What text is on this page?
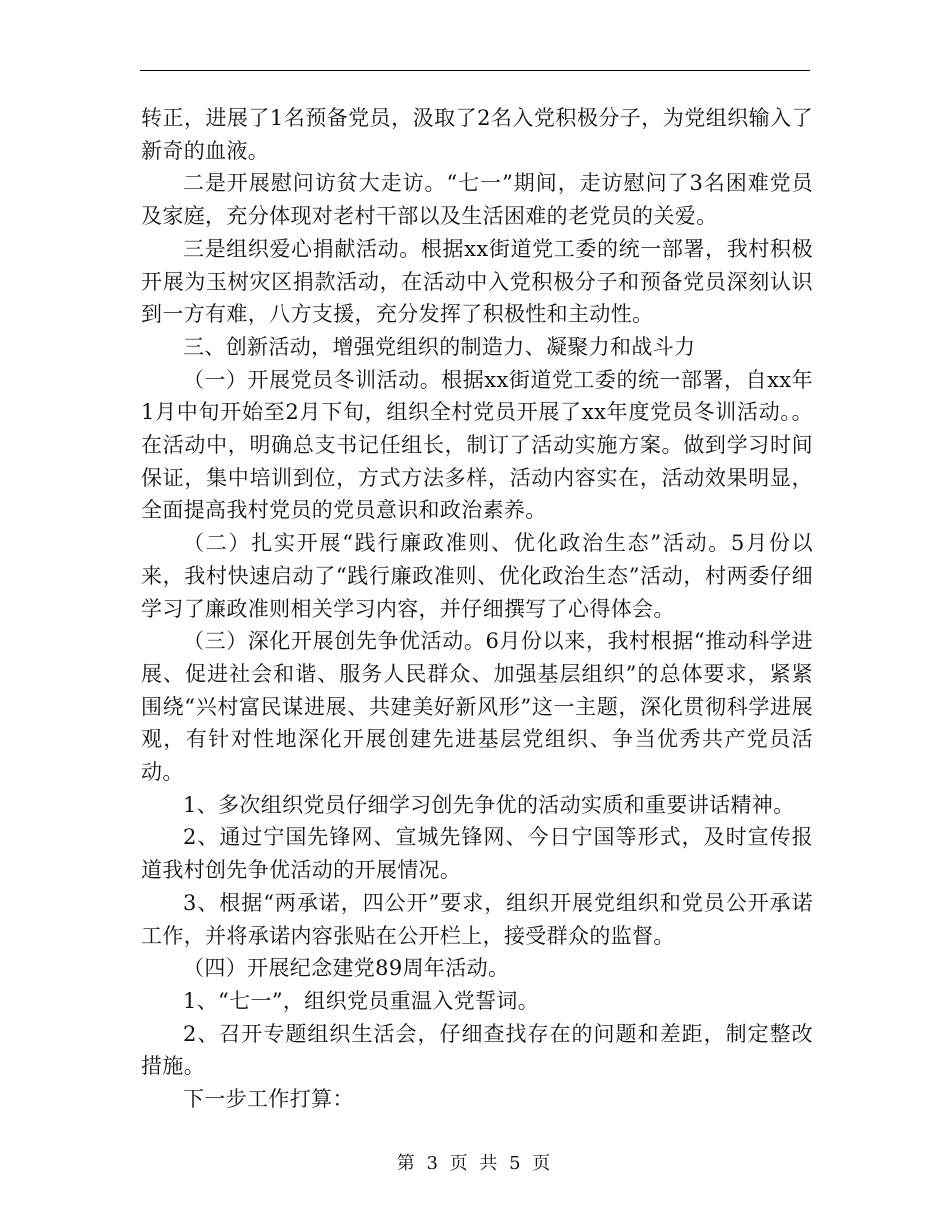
转正，进展了1名预备党员，汲取了2名入党积极分子，为党组织输入了新奇的血液。

二是开展慰问访贫大走访。“七一”期间，走访慰问了3名困难党员及家庭，充分体现对老村干部以及生活困难的老党员的关爱。

三是组织爱心捐献活动。根据xx街道党工委的统一部署，我村积极开展为玉树灾区捐款活动，在活动中入党积极分子和预备党员深刻认识到一方有难，八方支援，充分发挥了积极性和主动性。

三、创新活动，增强党组织的制造力、凝聚力和战斗力

（一）开展党员冬训活动。根据xx街道党工委的统一部署，自xx年1月中旬开始至2月下旬，组织全村党员开展了xx年度党员冬训活动。。在活动中，明确总支书记任组长，制订了活动实施方案。做到学习时间保证，集中培训到位，方式方法多样，活动内容实在，活动效果明显，全面提高我村党员的党员意识和政治素养。

（二）扎实开展“践行廉政准则、优化政治生态”活动。5月份以来，我村快速启动了“践行廉政准则、优化政治生态”活动，村两委仔细学习了廉政准则相关学习内容，并仔细撰写了心得体会。

（三）深化开展创先争优活动。6月份以来，我村根据“推动科学进展、促进社会和谐、服务人民群众、加强基层组织”的总体要求，紧紧围绕“兴村富民谋进展、共建美好新风形”这一主题，深化贯彻科学进展观，有针对性地深化开展创建先进基层党组织、争当优秀共产党员活动。

1、多次组织党员仔细学习创先争优的活动实质和重要讲话精神。

2、通过宁国先锋网、宣城先锋网、今日宁国等形式，及时宣传报道我村创先争优活动的开展情况。

3、根据“两承诺，四公开”要求，组织开展党组织和党员公开承诺工作，并将承诺内容张贴在公开栏上，接受群众的监督。

（四）开展纪念建党89周年活动。

1、“七一”，组织党员重温入党誓词。

2、召开专题组织生活会，仔细查找存在的问题和差距，制定整改措施。

下一步工作打算：

第 3 页 共 5 页
